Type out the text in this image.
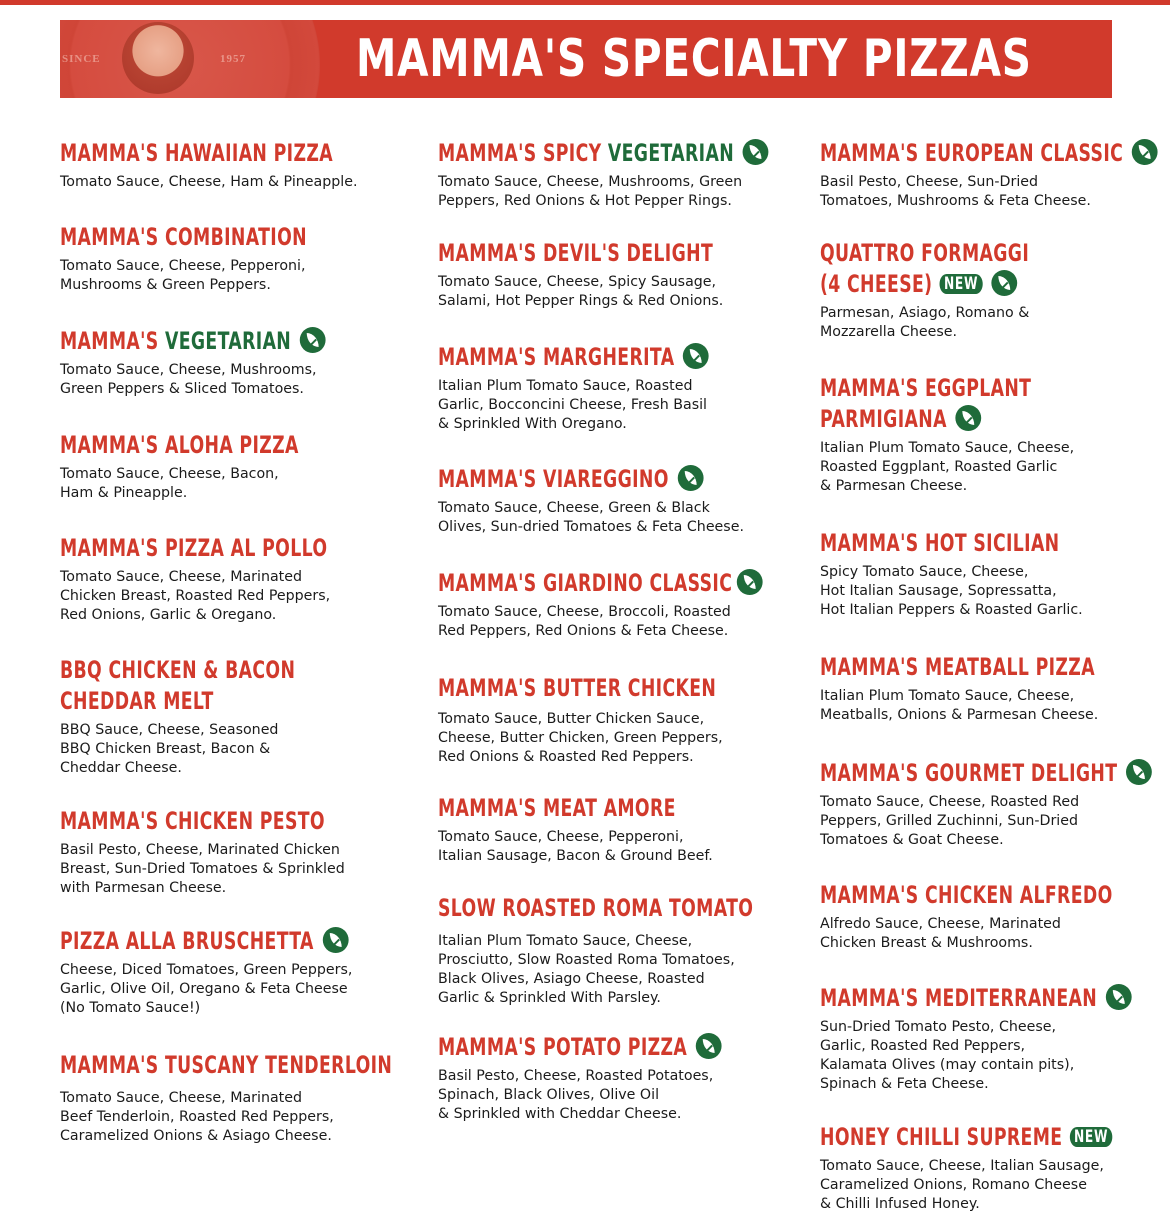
SINCE	1957 MAMMA'S SPECIALTY PIZZAS
MAMMA'S HAWAIIAN PIZZA
Tomato Sauce, Cheese, Ham & Pineapple.
MAMMA'S COMBINATION
Tomato Sauce, Cheese, Pepperoni,
Mushrooms & Green Peppers.
MAMMA'S VEGETARIAN
Tomato Sauce, Cheese, Mushrooms,
Green Peppers & Sliced Tomatoes.
MAMMA'S ALOHA PIZZA
Tomato Sauce, Cheese, Bacon,
Ham & Pineapple.
MAMMA'S PIZZA AL POLLO
Tomato Sauce, Cheese, Marinated
Chicken Breast, Roasted Red Peppers,
Red Onions, Garlic & Oregano.
BBQ CHICKEN & BACON
CHEDDAR MELT
BBQ Sauce, Cheese, Seasoned
BBQ Chicken Breast, Bacon &
Cheddar Cheese.
MAMMA'S CHICKEN PESTO
Basil Pesto, Cheese, Marinated Chicken
Breast, Sun-Dried Tomatoes & Sprinkled
with Parmesan Cheese.
PIZZA ALLA BRUSCHETTA
Cheese, Diced Tomatoes, Green Peppers,
Garlic, Olive Oil, Oregano & Feta Cheese
(No Tomato Sauce!)
MAMMA'S TUSCANY TENDERLOIN
Tomato Sauce, Cheese, Marinated
Beef Tenderloin, Roasted Red Peppers,
Caramelized Onions & Asiago Cheese.
MAMMA'S SPICY VEGETARIAN
Tomato Sauce, Cheese, Mushrooms, Green
Peppers, Red Onions & Hot Pepper Rings.
MAMMA'S DEVIL'S DELIGHT
Tomato Sauce, Cheese, Spicy Sausage,
Salami, Hot Pepper Rings & Red Onions.
MAMMA'S MARGHERITA
Italian Plum Tomato Sauce, Roasted
Garlic, Bocconcini Cheese, Fresh Basil
& Sprinkled With Oregano.
MAMMA'S VIAREGGINO
Tomato Sauce, Cheese, Green & Black
Olives, Sun-dried Tomatoes & Feta Cheese.
MAMMA'S GIARDINO CLASSIC
Tomato Sauce, Cheese, Broccoli, Roasted
Red Peppers, Red Onions & Feta Cheese.
MAMMA'S BUTTER CHICKEN
Tomato Sauce, Butter Chicken Sauce,
Cheese, Butter Chicken, Green Peppers,
Red Onions & Roasted Red Peppers.
MAMMA'S MEAT AMORE
Tomato Sauce, Cheese, Pepperoni,
Italian Sausage, Bacon & Ground Beef.
SLOW ROASTED ROMA TOMATO
Italian Plum Tomato Sauce, Cheese,
Prosciutto, Slow Roasted Roma Tomatoes,
Black Olives, Asiago Cheese, Roasted
Garlic & Sprinkled With Parsley.
MAMMA'S POTATO PIZZA
Basil Pesto, Cheese, Roasted Potatoes,
Spinach, Black Olives, Olive Oil
& Sprinkled with Cheddar Cheese.
MAMMA'S EUROPEAN CLASSIC
Basil Pesto, Cheese, Sun-Dried
Tomatoes, Mushrooms & Feta Cheese.
QUATTRO FORMAGGI
(4 CHEESE) NEW
Parmesan, Asiago, Romano &
Mozzarella Cheese.
MAMMA'S EGGPLANT
PARMIGIANA
Italian Plum Tomato Sauce, Cheese,
Roasted Eggplant, Roasted Garlic
& Parmesan Cheese.
MAMMA'S HOT SICILIAN
Spicy Tomato Sauce, Cheese,
Hot Italian Sausage, Sopressatta,
Hot Italian Peppers & Roasted Garlic.
MAMMA'S MEATBALL PIZZA
Italian Plum Tomato Sauce, Cheese,
Meatballs, Onions & Parmesan Cheese.
MAMMA'S GOURMET DELIGHT
Tomato Sauce, Cheese, Roasted Red
Peppers, Grilled Zuchinni, Sun-Dried
Tomatoes & Goat Cheese.
MAMMA'S CHICKEN ALFREDO
Alfredo Sauce, Cheese, Marinated
Chicken Breast & Mushrooms.
MAMMA'S MEDITERRANEAN
Sun-Dried Tomato Pesto, Cheese,
Garlic, Roasted Red Peppers,
Kalamata Olives (may contain pits),
Spinach & Feta Cheese.
HONEY CHILLI SUPREME NEW
Tomato Sauce, Cheese, Italian Sausage,
Caramelized Onions, Romano Cheese
& Chilli Infused Honey.
